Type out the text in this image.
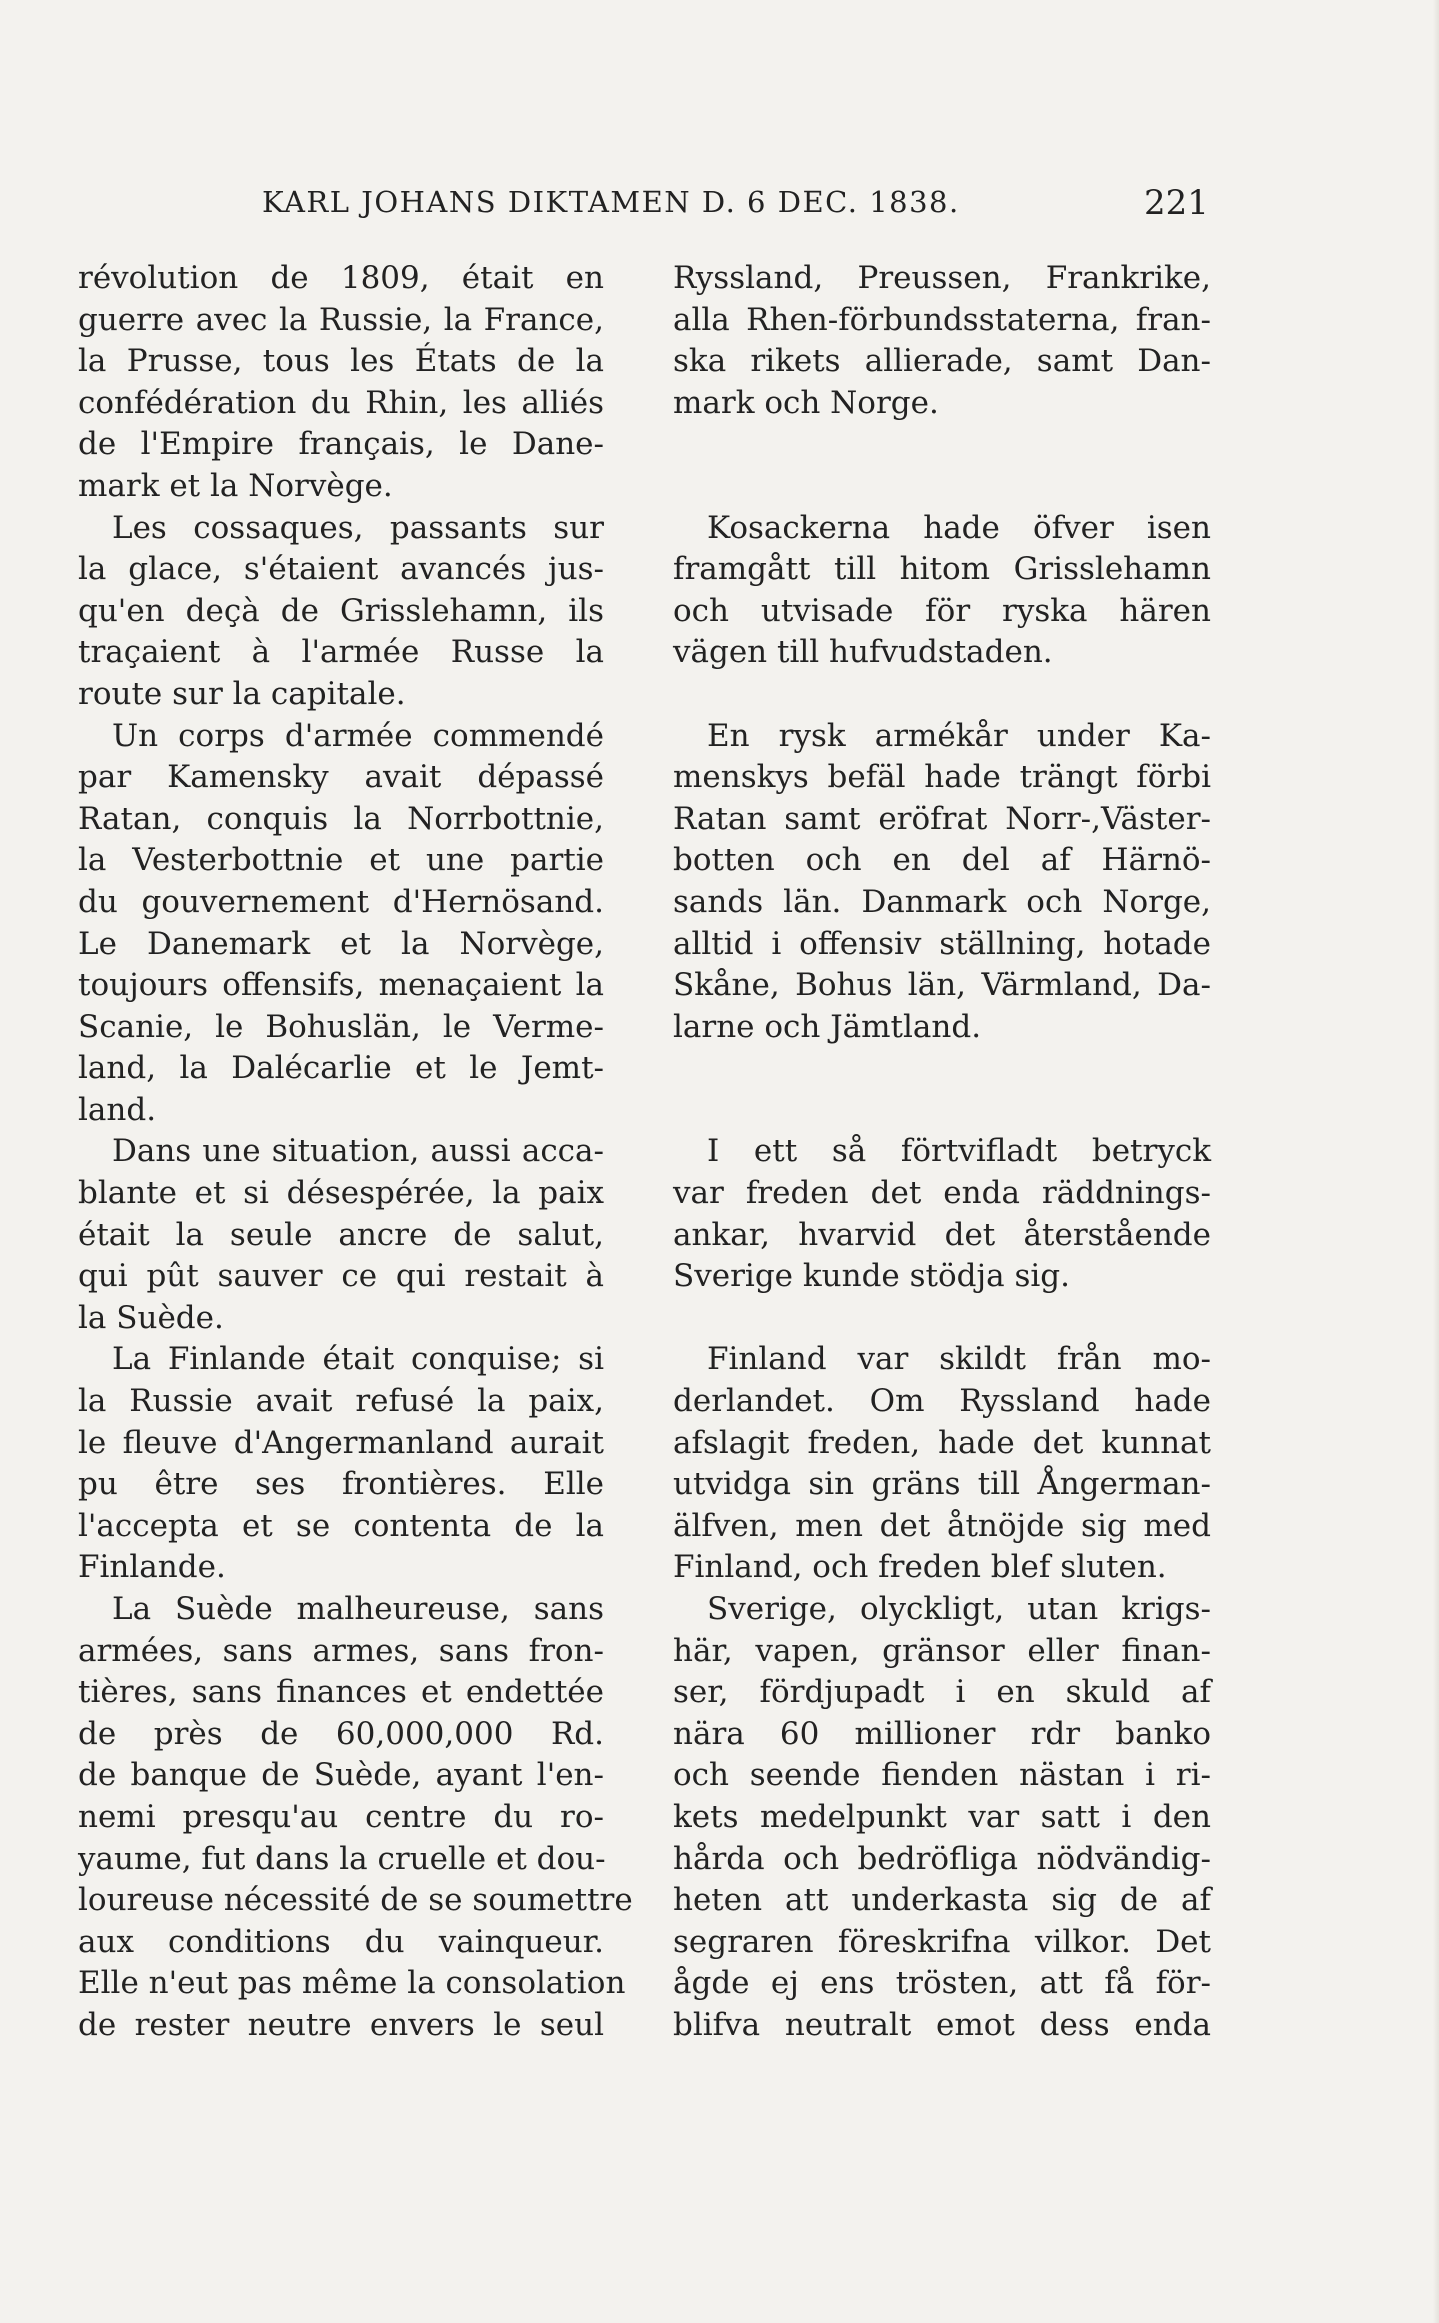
KARL JOHANS DIKTAMEN D. 6 DEC. 1838.	221
révolution de 1809, était en
guerre avec la Russie, la France,
la Prusse, tous les États de la
confédération du Rhin, les alliés
de l'Empire français, le Dane-
mark et la Norvège.
Les cossaques, passants sur
la glace, s'étaient avancés jus-
qu'en deçà de Grisslehamn, ils
traçaient à l'armée Russe la
route sur la capitale.
Un corps d'armée commendé
par Kamensky avait dépassé
Ratan, conquis la Norrbottnie,
la Vesterbottnie et une partie
du gouvernement d'Hernösand.
Le Danemark et la Norvège,
toujours offensifs, menaçaient la
Scanie, le Bohuslän, le Verme-
land, la Dalécarlie et le Jemt-
land.
Dans une situation, aussi acca-
blante et si désespérée, la paix
était la seule ancre de salut,
qui pût sauver ce qui restait à
la Suède.
La Finlande était conquise; si
la Russie avait refusé la paix,
le fleuve d'Angermanland aurait
pu être ses frontières. Elle
l'accepta et se contenta de la
Finlande.
La Suède malheureuse, sans
armées, sans armes, sans fron-
tières, sans finances et endettée
de près de 60,000,000 Rd.
de banque de Suède, ayant l'en-
nemi presqu'au centre du ro-
yaume, fut dans la cruelle et dou-
loureuse nécessité de se soumettre
aux conditions du vainqueur.
Elle n'eut pas même la consolation
de rester neutre envers le seul
Ryssland, Preussen, Frankrike,
alla Rhen-förbundsstaterna, fran-
ska rikets allierade, samt Dan-
mark och Norge.
Kosackerna hade öfver isen
framgått till hitom Grisslehamn
och utvisade för ryska hären
vägen till hufvudstaden.
En rysk armékår under Ka-
menskys befäl hade trängt förbi
Ratan samt eröfrat Norr-,Väster-
botten och en del af Härnö-
sands län. Danmark och Norge,
alltid i offensiv ställning, hotade
Skåne, Bohus län, Värmland, Da-
larne och Jämtland.
I ett så förtvifladt betryck
var freden det enda räddnings-
ankar, hvarvid det återstående
Sverige kunde stödja sig.
Finland var skildt från mo-
derlandet. Om Ryssland hade
afslagit freden, hade det kunnat
utvidga sin gräns till Ångerman-
älfven, men det åtnöjde sig med
Finland, och freden blef sluten.
Sverige, olyckligt, utan krigs-
här, vapen, gränsor eller finan-
ser, fördjupadt i en skuld af
nära 60 millioner rdr banko
och seende fienden nästan i ri-
kets medelpunkt var satt i den
hårda och bedröfliga nödvändig-
heten att underkasta sig de af
segraren föreskrifna vilkor. Det
ågde ej ens trösten, att få för-
blifva neutralt emot dess enda
